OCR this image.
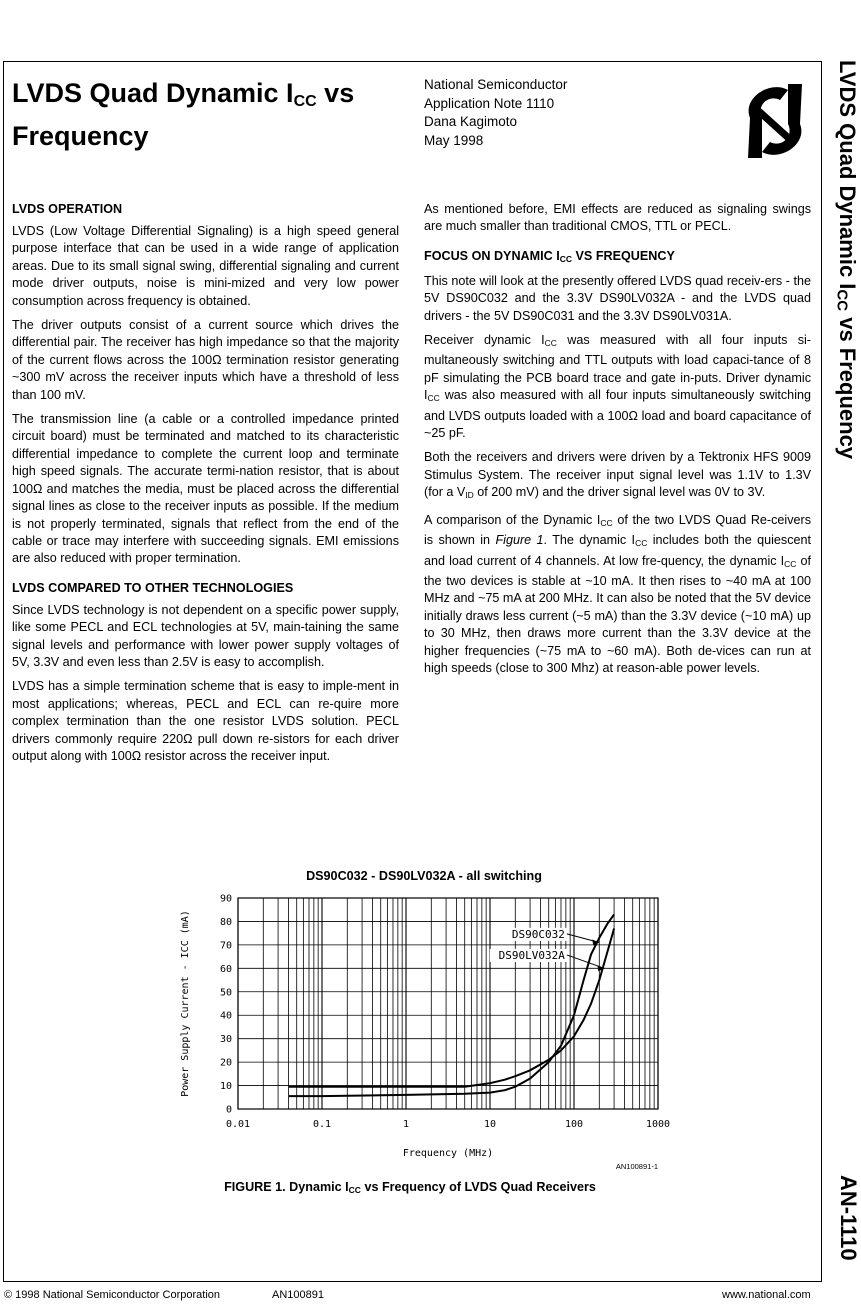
LVDS Quad Dynamic $I_{CC}$ vs Frequency
National Semiconductor
Application Note 1110
Dana Kagimoto
May 1998	LVDS Quad Dynamic $I_{CC}$ vs Frequency
AN-1110
LVDS OPERATION

LVDS (Low Voltage Differential Signaling) is a high speed general purpose interface that can be used in a wide range of application areas. Due to its small signal swing, differential signaling and current mode driver outputs, noise is mini-mized and very low power consumption across frequency is obtained.

The driver outputs consist of a current source which drives the differential pair. The receiver has high impedance so that the majority of the current flows across the 100Ω termination resistor generating ~300 mV across the receiver inputs which have a threshold of less than 100 mV.

The transmission line (a cable or a controlled impedance printed circuit board) must be terminated and matched to its characteristic differential impedance to complete the current loop and terminate high speed signals. The accurate termi-nation resistor, that is about 100Ω and matches the media, must be placed across the differential signal lines as close to the receiver inputs as possible. If the medium is not properly terminated, signals that reflect from the end of the cable or trace may interfere with succeeding signals. EMI emissions are also reduced with proper termination.

LVDS COMPARED TO OTHER TECHNOLOGIES

Since LVDS technology is not dependent on a specific power supply, like some PECL and ECL technologies at 5V, main-taining the same signal levels and performance with lower power supply voltages of 5V, 3.3V and even less than 2.5V is easy to accomplish.

LVDS has a simple termination scheme that is easy to imple-ment in most applications; whereas, PECL and ECL can re-quire more complex termination than the one resistor LVDS solution. PECL drivers commonly require 220Ω pull down re-sistors for each driver output along with 100Ω resistor across the receiver input.

As mentioned before, EMI effects are reduced as signaling swings are much smaller than traditional CMOS, TTL or PECL.

FOCUS ON DYNAMIC $I_{CC}$ VS FREQUENCY

This note will look at the presently offered LVDS quad receiv-ers - the 5V DS90C032 and the 3.3V DS90LV032A - and the LVDS quad drivers - the 5V DS90C031 and the 3.3V DS90LV031A.

Receiver dynamic $I_{CC}$ was measured with all four inputs si-multaneously switching and TTL outputs with load capaci-tance of 8 pF simulating the PCB board trace and gate in-puts. Driver dynamic $I_{CC}$ was also measured with all four inputs simultaneously switching and LVDS outputs loaded with a 100Ω load and board capacitance of ~25 pF.

Both the receivers and drivers were driven by a Tektronix HFS 9009 Stimulus System. The receiver input signal level was 1.1V to 1.3V (for a $V_{ID}$ of 200 mV) and the driver signal level was 0V to 3V.

A comparison of the Dynamic $I_{CC}$ of the two LVDS Quad Re-ceivers is shown in Figure 1. The dynamic $I_{CC}$ includes both the quiescent and load current of 4 channels. At low fre-quency, the dynamic $I_{CC}$ of the two devices is stable at ~10 mA. It then rises to ~40 mA at 100 MHz and ~75 mA at 200 MHz. It can also be noted that the 5V device initially draws less current (~5 mA) than the 3.3V device (~10 mA) up to 30 MHz, then draws more current than the 3.3V device at the higher frequencies (~75 mA to ~60 mA). Both de-vices can run at high speeds (close to 300 Mhz) at reason-able power levels.

DS90C032 - DS90LV032A - all switching
0
10
20
30
40
50
60
70
80
90
0.01	0.1	1	10	100	1000
Frequency (MHz)
Power Supply Current - ICC (mA)	DS90C032
DS90LV032A
AN100891-1
FIGURE 1. Dynamic $I_{CC}$ vs Frequency of LVDS Quad Receivers
© 1998 National Semiconductor Corporation	AN100891	www.national.com
